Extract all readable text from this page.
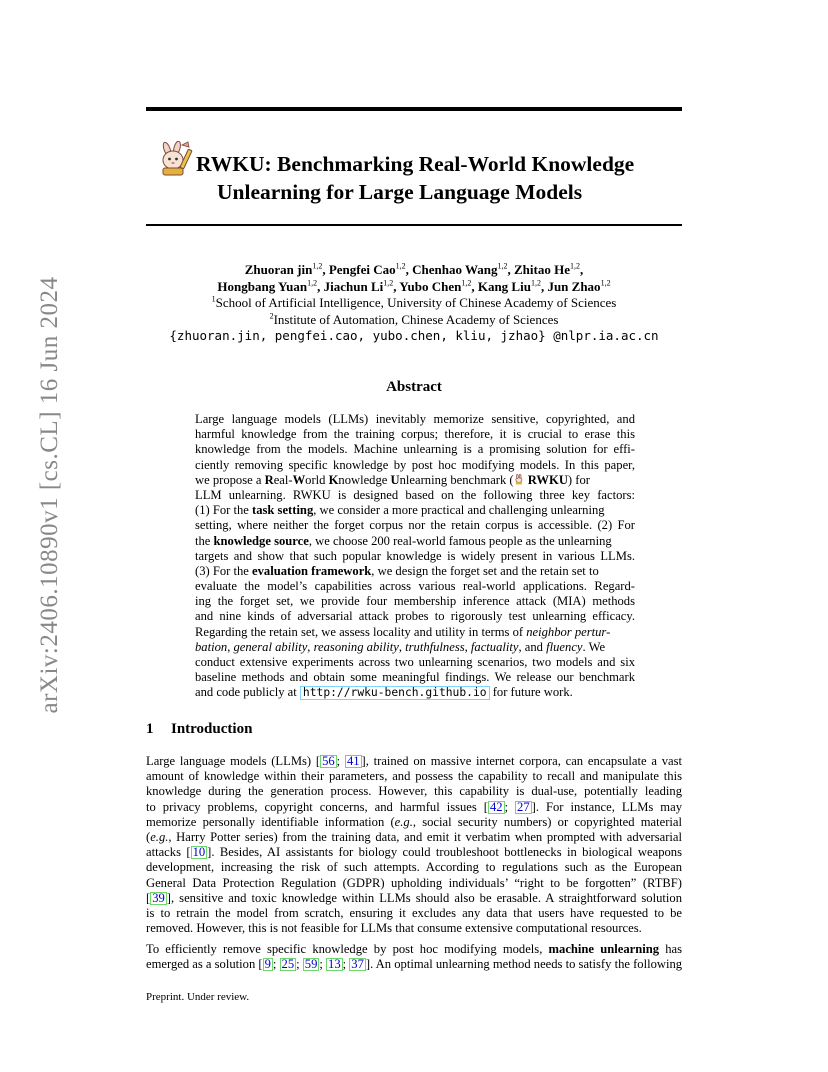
arXiv:2406.10890v1 [cs.CL] 16 Jun 2024
RWKU: Benchmarking Real-World Knowledge
Unlearning for Large Language Models
Zhuoran jin$^{1,2}$, Pengfei Cao$^{1,2}$, Chenhao Wang$^{1,2}$, Zhitao He$^{1,2}$,
Hongbang Yuan$^{1,2}$, Jiachun Li$^{1,2}$, Yubo Chen$^{1,2}$, Kang Liu$^{1,2}$, Jun Zhao$^{1,2}$
$^1$School of Artificial Intelligence, University of Chinese Academy of Sciences
$^2$Institute of Automation, Chinese Academy of Sciences
{zhuoran.jin, pengfei.cao, yubo.chen, kliu, jzhao} @nlpr.ia.ac.cn
Abstract
Large language models (LLMs) inevitably memorize sensitive, copyrighted, and
harmful knowledge from the training corpus; therefore, it is crucial to erase this
knowledge from the models. Machine unlearning is a promising solution for effi-
ciently removing specific knowledge by post hoc modifying models. In this paper,
we propose a Real-World Knowledge Unlearning benchmark ( RWKU) for
LLM unlearning. RWKU is designed based on the following three key factors:
(1) For the task setting, we consider a more practical and challenging unlearning
setting, where neither the forget corpus nor the retain corpus is accessible. (2) For
the knowledge source, we choose 200 real-world famous people as the unlearning
targets and show that such popular knowledge is widely present in various LLMs.
(3) For the evaluation framework, we design the forget set and the retain set to
evaluate the model’s capabilities across various real-world applications. Regard-
ing the forget set, we provide four membership inference attack (MIA) methods
and nine kinds of adversarial attack probes to rigorously test unlearning efficacy.
Regarding the retain set, we assess locality and utility in terms of neighbor pertur-
bation, general ability, reasoning ability, truthfulness, factuality, and fluency. We
conduct extensive experiments across two unlearning scenarios, two models and six
baseline methods and obtain some meaningful findings. We release our benchmark
and code publicly at http://rwku-bench.github.io for future work.
1 Introduction
Large language models (LLMs) [ 56 ; 41 ], trained on massive internet corpora, can encapsulate a vast
amount of knowledge within their parameters, and possess the capability to recall and manipulate this
knowledge during the generation process. However, this capability is dual-use, potentially leading
to privacy problems, copyright concerns, and harmful issues [ 42 ; 27 ]. For instance, LLMs may
memorize personally identifiable information (e.g., social security numbers) or copyrighted material
(e.g., Harry Potter series) from the training data, and emit it verbatim when prompted with adversarial
attacks [ 10 ]. Besides, AI assistants for biology could troubleshoot bottlenecks in biological weapons
development, increasing the risk of such attempts. According to regulations such as the European
General Data Protection Regulation (GDPR) upholding individuals’ “right to be forgotten” (RTBF)
[ 39 ], sensitive and toxic knowledge within LLMs should also be erasable. A straightforward solution
is to retrain the model from scratch, ensuring it excludes any data that users have requested to be
removed. However, this is not feasible for LLMs that consume extensive computational resources.
To efficiently remove specific knowledge by post hoc modifying models, machine unlearning has
emerged as a solution [ 9 ; 25 ; 59 ; 13 ; 37 ]. An optimal unlearning method needs to satisfy the following
Preprint. Under review.
